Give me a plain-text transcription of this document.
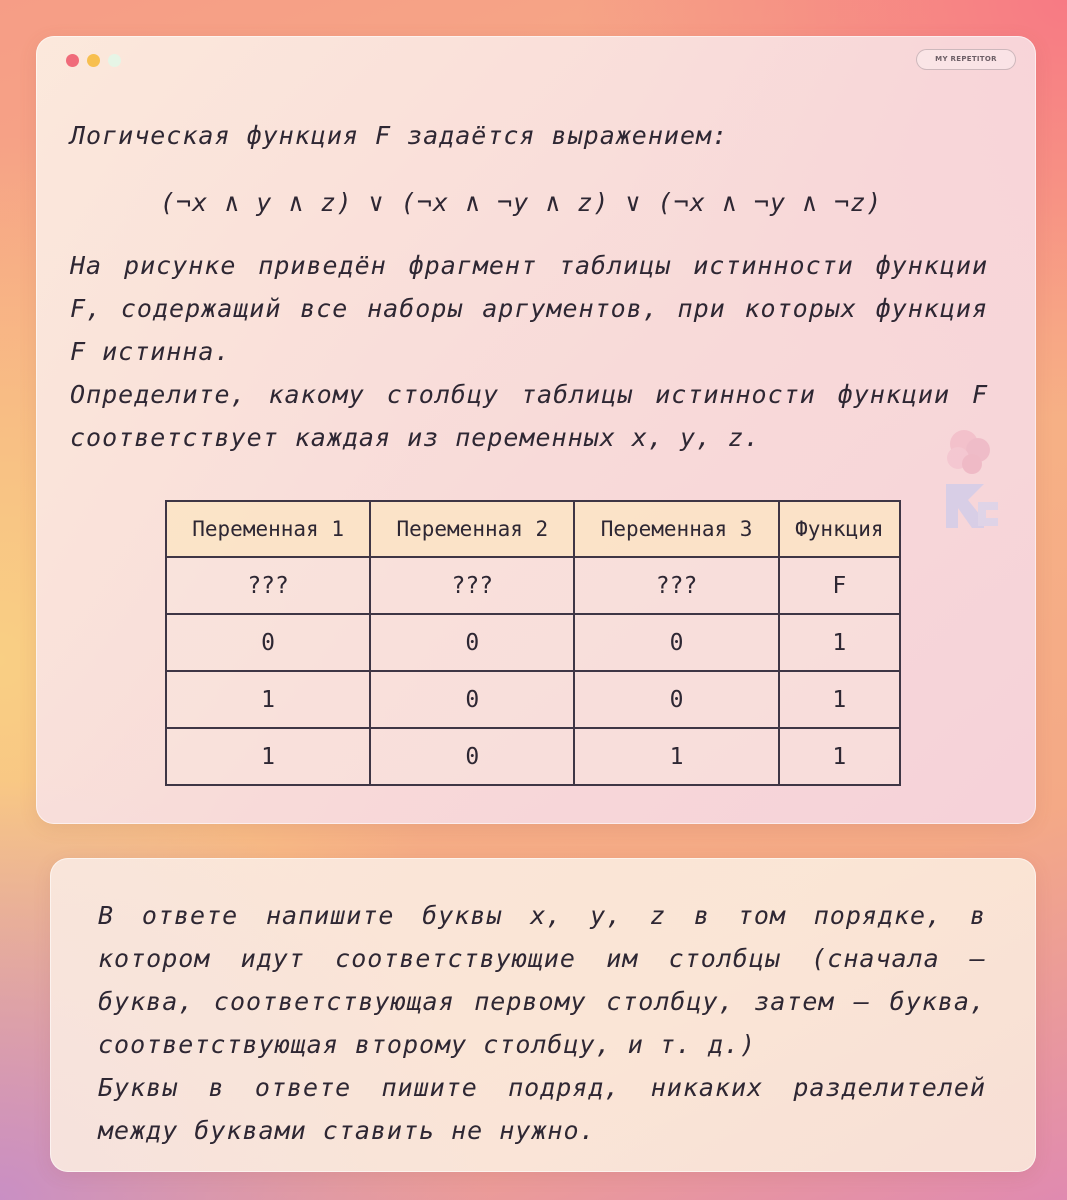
MY REPETITOR
Логическая функция F задаётся выражением:
(¬x ∧ y ∧ z) ∨ (¬x ∧ ¬y ∧ z) ∨ (¬x ∧ ¬y ∧ ¬z)

На рисунке приведён фрагмент таблицы истинности функции F, содержащий все наборы аргументов, при которых функция F истинна.

Определите, какому столбцу таблицы истинности функции F соответствует каждая из переменных x, y, z.

Переменная 1	Переменная 2	Переменная 3	Функция
???	???	???	F
0	0	0	1
1	0	0	1
1	0	1	1

В ответе напишите буквы x, y, z в том порядке, в котором идут соответствующие им столбцы (сначала – буква, соответствующая первому столбцу, затем – буква, соответствующая второму столбцу, и т. д.)

Буквы в ответе пишите подряд, никаких разделителей между буквами ставить не нужно.
